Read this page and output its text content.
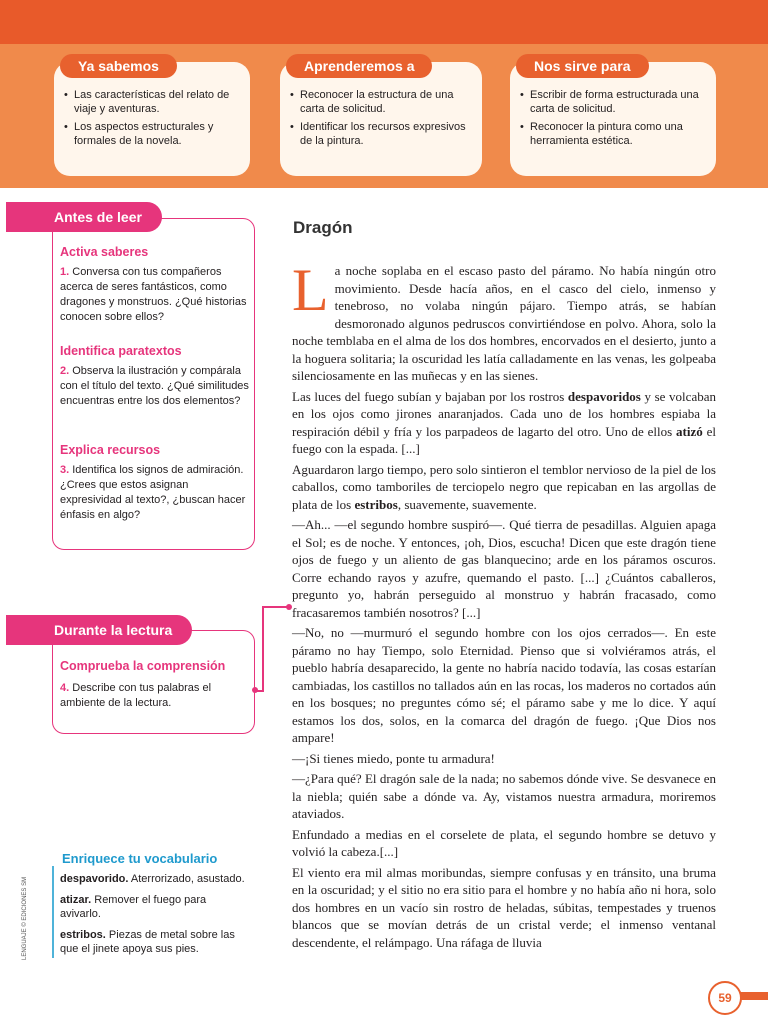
Ya sabemos
• Las características del relato de viaje y aventuras.
• Los aspectos estructurales y formales de la novela.
Aprenderemos a
• Reconocer la estructura de una carta de solicitud.
• Identificar los recursos expresivos de la pintura.
Nos sirve para
• Escribir de forma estructurada una carta de solicitud.
• Reconocer la pintura como una herramienta estética.
Antes de leer
Activa saberes
1. Conversa con tus compañeros acerca de seres fantásticos, como dragones y monstruos. ¿Qué historias conocen sobre ellos?
Identifica paratextos
2. Observa la ilustración y compárala con el título del texto. ¿Qué similitudes encuentras entre los dos elementos?
Explica recursos
3. Identifica los signos de admiración. ¿Crees que estos asignan expresividad al texto?, ¿buscan hacer énfasis en algo?
Durante la lectura
Comprueba la comprensión
4. Describe con tus palabras el ambiente de la lectura.
Enriquece tu vocabulario
despavorido. Aterrorizado, asustado.
atizar. Remover el fuego para avivarlo.
estribos. Piezas de metal sobre las que el jinete apoya sus pies.
LENGUAJE © EDICIONES SM
Dragón

La noche soplaba en el escaso pasto del páramo. No había ningún otro movimiento. Desde hacía años, en el casco del cielo, inmenso y tenebroso, no volaba ningún pájaro. Tiempo atrás, se habían desmoronado algunos pedruscos convirtiéndose en polvo. Ahora, solo la noche temblaba en el alma de los dos hombres, encorvados en el desierto, junto a la hoguera solitaria; la oscuridad les latía calladamente en las venas, les golpeaba silenciosamente en las muñecas y en las sienes.

Las luces del fuego subían y bajaban por los rostros despavoridos y se volcaban en los ojos como jirones anaranjados. Cada uno de los hombres espiaba la respiración débil y fría y los parpadeos de lagarto del otro. Uno de ellos atizó el fuego con la espada. [...]

Aguardaron largo tiempo, pero solo sintieron el temblor nervioso de la piel de los caballos, como tamboriles de terciopelo negro que repicaban en las argollas de plata de los estribos, suavemente, suavemente.

—Ah... —el segundo hombre suspiró—. Qué tierra de pesadillas. Alguien apaga el Sol; es de noche. Y entonces, ¡oh, Dios, escucha! Dicen que este dragón tiene ojos de fuego y un aliento de gas blanquecino; arde en los páramos oscuros. Corre echando rayos y azufre, quemando el pasto. [...] ¿Cuántos caballeros, pregunto yo, habrán perseguido al monstruo y habrán fracasado, como fracasaremos también nosotros? [...]

—No, no —murmuró el segundo hombre con los ojos cerrados—. En este páramo no hay Tiempo, solo Eternidad. Pienso que si volviéramos atrás, el pueblo habría desaparecido, la gente no habría nacido todavía, las cosas estarían cambiadas, los castillos no tallados aún en las rocas, los maderos no cortados aún en los bosques; no preguntes cómo sé; el páramo sabe y me lo dice. Y aquí estamos los dos, solos, en la comarca del dragón de fuego. ¡Que Dios nos ampare!

—¡Si tienes miedo, ponte tu armadura!

—¿Para qué? El dragón sale de la nada; no sabemos dónde vive. Se desvanece en la niebla; quién sabe a dónde va. Ay, vistamos nuestra armadura, moriremos ataviados.

Enfundado a medias en el corselete de plata, el segundo hombre se detuvo y volvió la cabeza.[...]

El viento era mil almas moribundas, siempre confusas y en tránsito, una bruma en la oscuridad; y el sitio no era sitio para el hombre y no había año ni hora, solo dos hombres en un vacío sin rostro de heladas, súbitas, tempestades y truenos blancos que se movían detrás de un cristal verde; el inmenso ventanal descendente, el relámpago. Una ráfaga de lluvia

59
